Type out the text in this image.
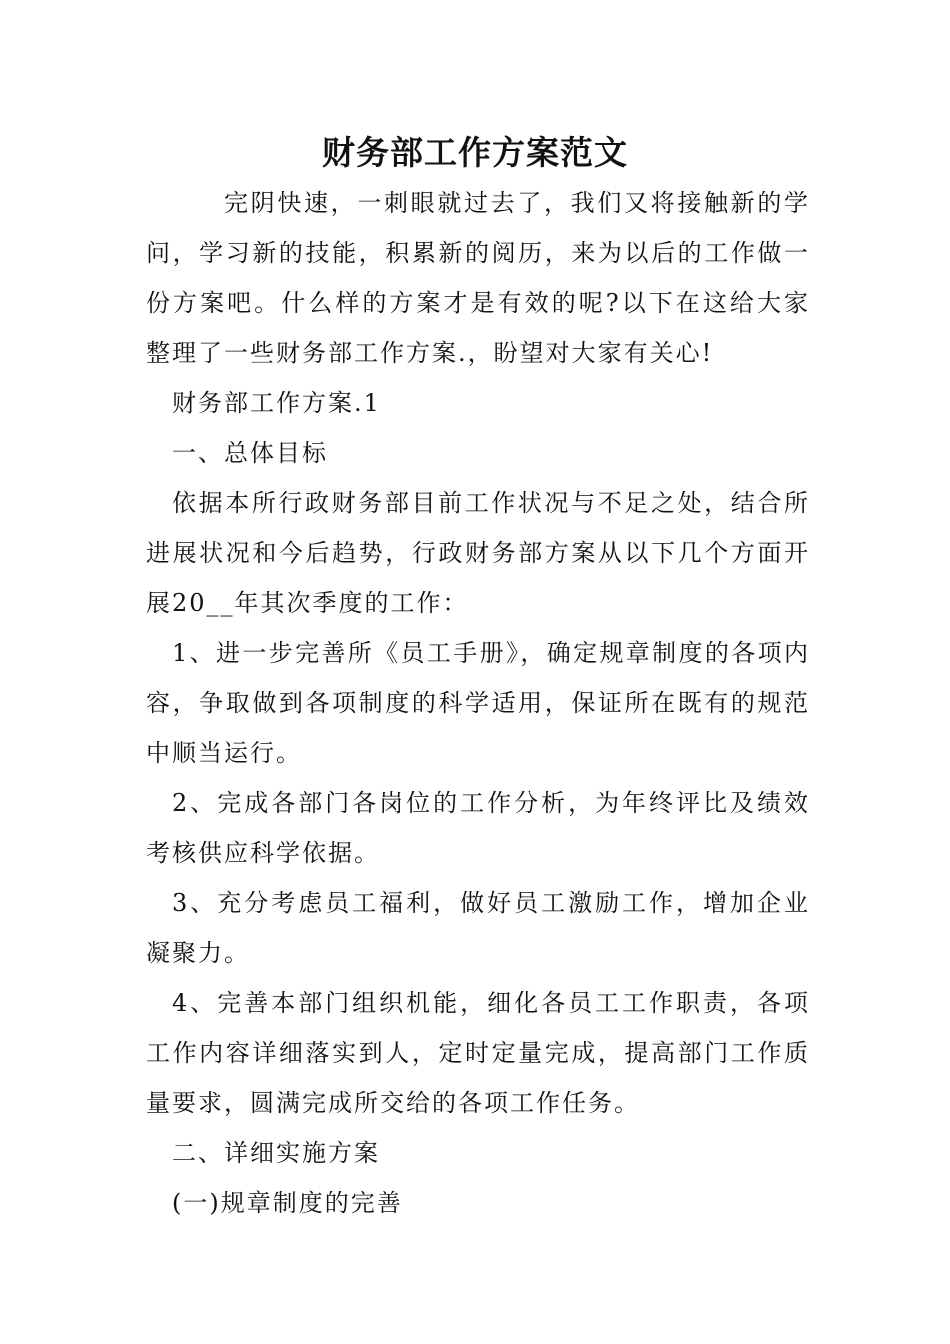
财务部工作方案范文

完阴快速，一刺眼就过去了，我们又将接触新的学问，学习新的技能，积累新的阅历，来为以后的工作做一份方案吧。什么样的方案才是有效的呢?以下在这给大家整理了一些财务部工作方案.，盼望对大家有关心!

财务部工作方案.1

一、总体目标

依据本所行政财务部目前工作状况与不足之处，结合所进展状况和今后趋势，行政财务部方案从以下几个方面开展20__年其次季度的工作：

1、进一步完善所《员工手册》，确定规章制度的各项内容，争取做到各项制度的科学适用，保证所在既有的规范中顺当运行。

2、完成各部门各岗位的工作分析，为年终评比及绩效考核供应科学依据。

3、充分考虑员工福利，做好员工激励工作，增加企业凝聚力。

4、完善本部门组织机能，细化各员工工作职责，各项工作内容详细落实到人，定时定量完成，提高部门工作质量要求，圆满完成所交给的各项工作任务。

二、详细实施方案

(一)规章制度的完善
